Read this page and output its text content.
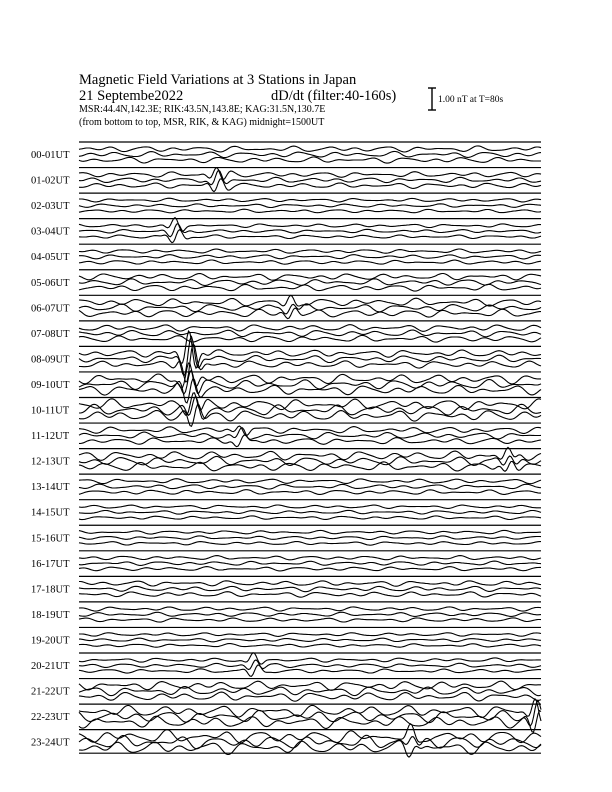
Magnetic Field Variations at 3 Stations in Japan
21 Septembe2022	dD/dt (filter:40-160s)
MSR:44.4N,142.3E; RIK:43.5N,143.8E; KAG:31.5N,130.7E
(from bottom to top, MSR, RIK, & KAG) midnight=1500UT
1.00 nT at T=80s
00-01UT
01-02UT
02-03UT
03-04UT
04-05UT
05-06UT
06-07UT
07-08UT
08-09UT
09-10UT
10-11UT
11-12UT
12-13UT
13-14UT
14-15UT
15-16UT
16-17UT
17-18UT
18-19UT
19-20UT
20-21UT
21-22UT
22-23UT
23-24UT
